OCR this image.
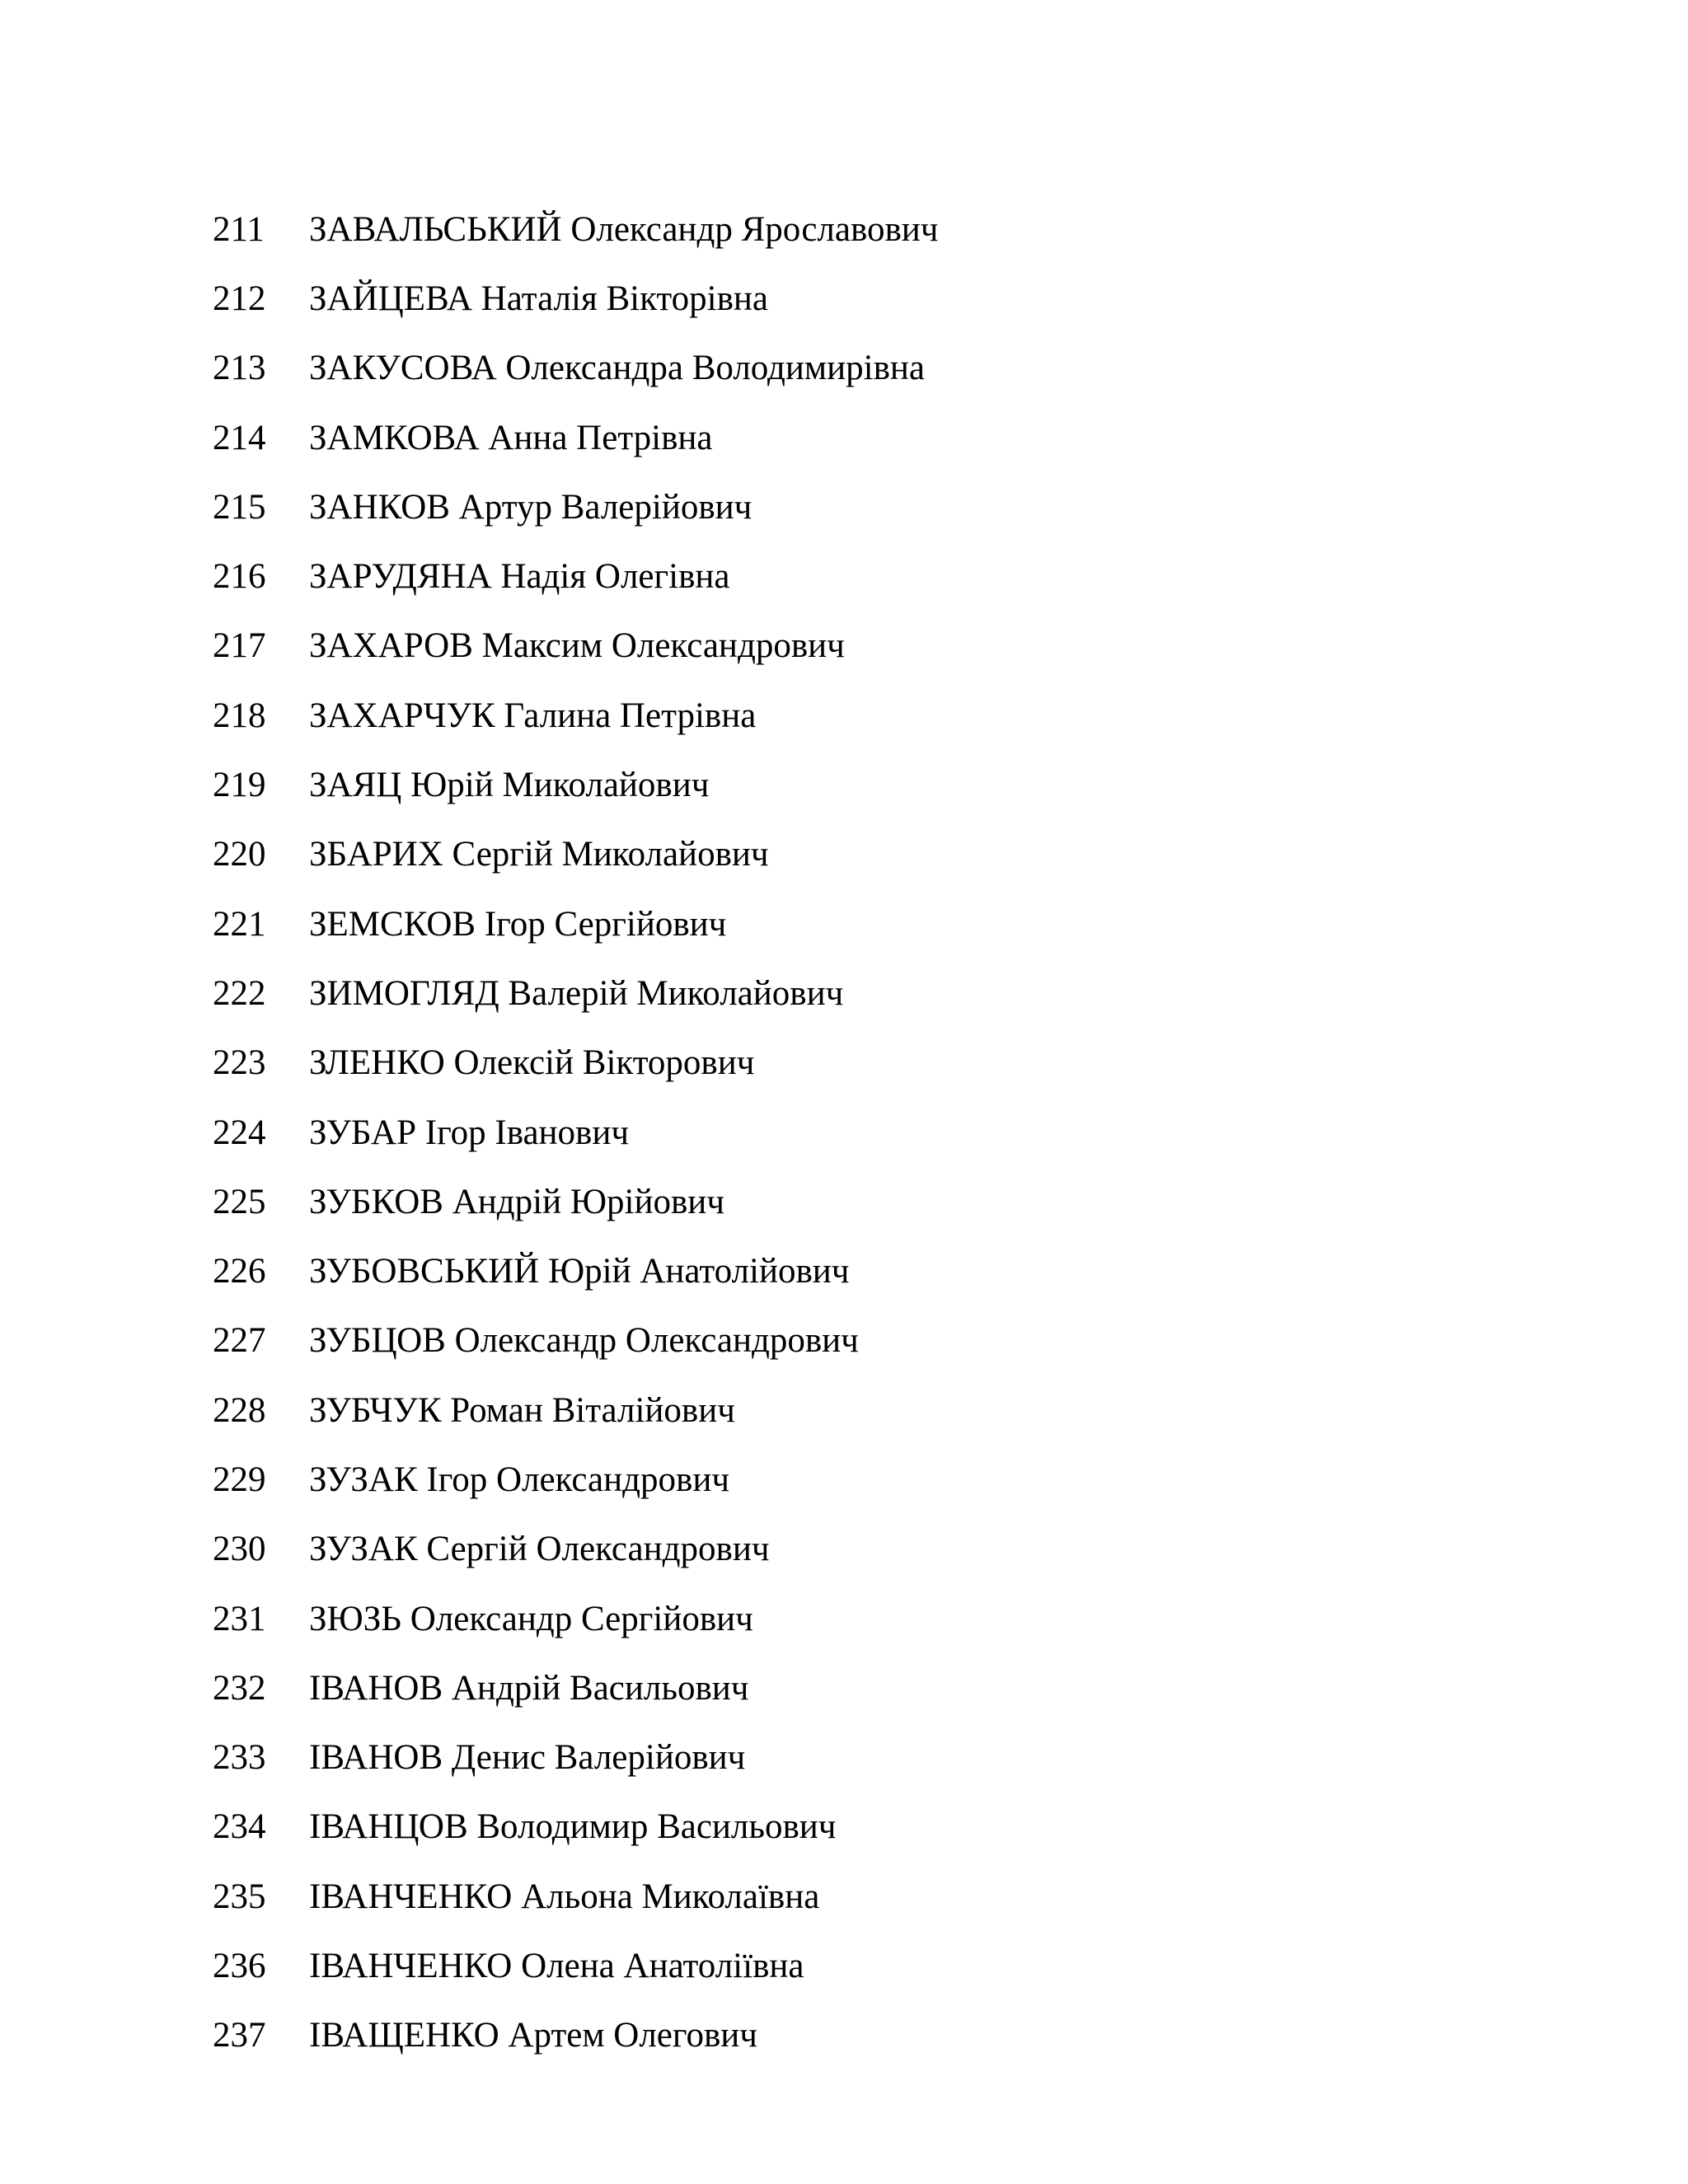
211	ЗАВАЛЬСЬКИЙ Олександр Ярославович
212	ЗАЙЦЕВА Наталія Вікторівна
213	ЗАКУСОВА Олександра Володимирівна
214	ЗАМКОВА Анна Петрівна
215	ЗАНКОВ Артур Валерійович
216	ЗАРУДЯНА Надія Олегівна
217	ЗАХАРОВ Максим Олександрович
218	ЗАХАРЧУК Галина Петрівна
219	ЗАЯЦ Юрій Миколайович
220	ЗБАРИХ Сергій Миколайович
221	ЗЕМСКОВ Ігор Сергійович
222	ЗИМОГЛЯД Валерій Миколайович
223	ЗЛЕНКО Олексій Вікторович
224	ЗУБАР Ігор Іванович
225	ЗУБКОВ Андрій Юрійович
226	ЗУБОВСЬКИЙ Юрій Анатолійович
227	ЗУБЦОВ Олександр Олександрович
228	ЗУБЧУК Роман Віталійович
229	ЗУЗАК Ігор Олександрович
230	ЗУЗАК Сергій Олександрович
231	ЗЮЗЬ Олександр Сергійович
232	ІВАНОВ Андрій Васильович
233	ІВАНОВ Денис Валерійович
234	ІВАНЦОВ Володимир Васильович
235	ІВАНЧЕНКО Альона Миколаївна
236	ІВАНЧЕНКО Олена Анатоліївна
237	ІВАЩЕНКО Артем Олегович
